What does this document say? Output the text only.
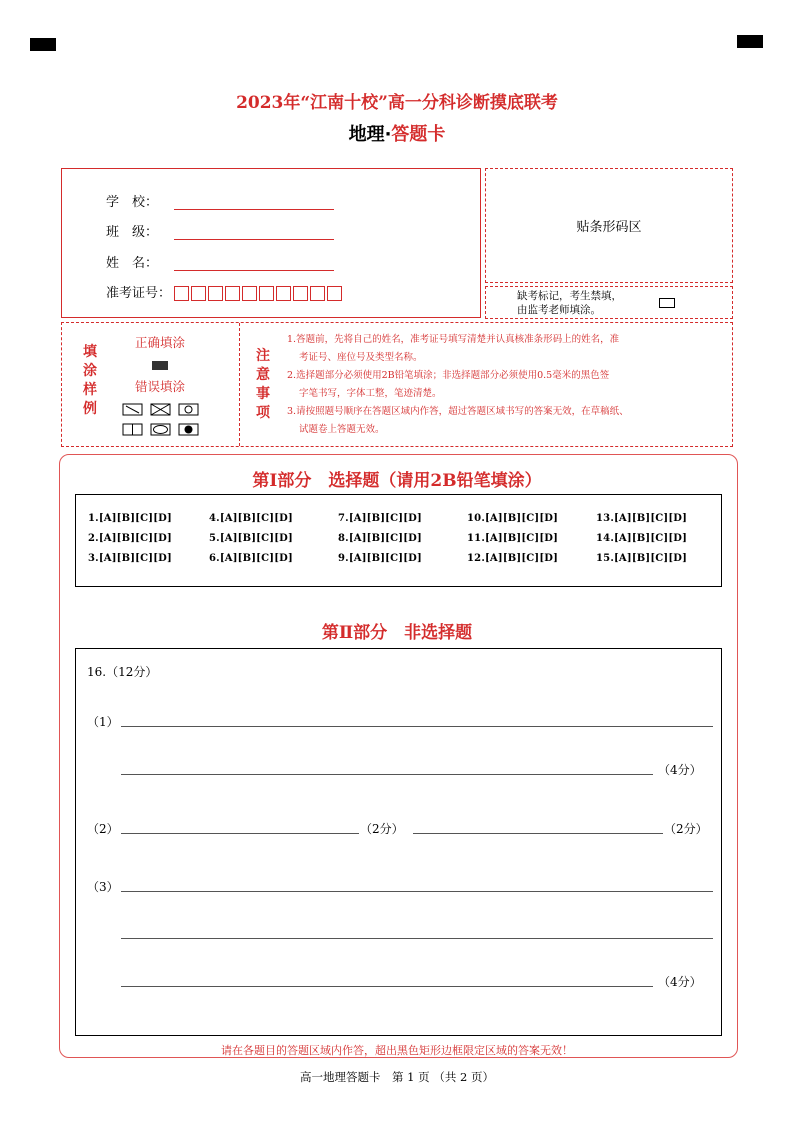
2023年“江南十校”高一分科诊断摸底联考
地理·答题卡
学　校：
班　级：
姓　名：
准考证号：
贴条形码区
缺考标记，考生禁填，
由监考老师填涂。
填
涂
样
例
正确填涂
错误填涂
注
意
事
项

1.答题前，先将自己的姓名，准考证号填写清楚并认真核准条形码上的姓名，准

考证号、座位号及类型名称。

2.选择题部分必须使用2B铅笔填涂；非选择题部分必须使用0.5毫米的黑色签

字笔书写，字体工整，笔迹清楚。

3.请按照题号顺序在答题区域内作答，超过答题区域书写的答案无效，在草稿纸、

试题卷上答题无效。

第Ⅰ部分　选择题（请用2B铅笔填涂）
1.[A][B][C][D]	4.[A][B][C][D]	7.[A][B][C][D]	10.[A][B][C][D]	13.[A][B][C][D]
2.[A][B][C][D]	5.[A][B][C][D]	8.[A][B][C][D]	11.[A][B][C][D]	14.[A][B][C][D]
3.[A][B][C][D]	6.[A][B][C][D]	9.[A][B][C][D]	12.[A][B][C][D]	15.[A][B][C][D]
第Ⅱ部分　非选择题
16.（12分）
（1）
（4分）
（2）	（2分）	（2分）
（3）
（4分）
请在各题目的答题区域内作答，超出黑色矩形边框限定区域的答案无效！
高一地理答题卡　第 1 页 （共 2 页）
